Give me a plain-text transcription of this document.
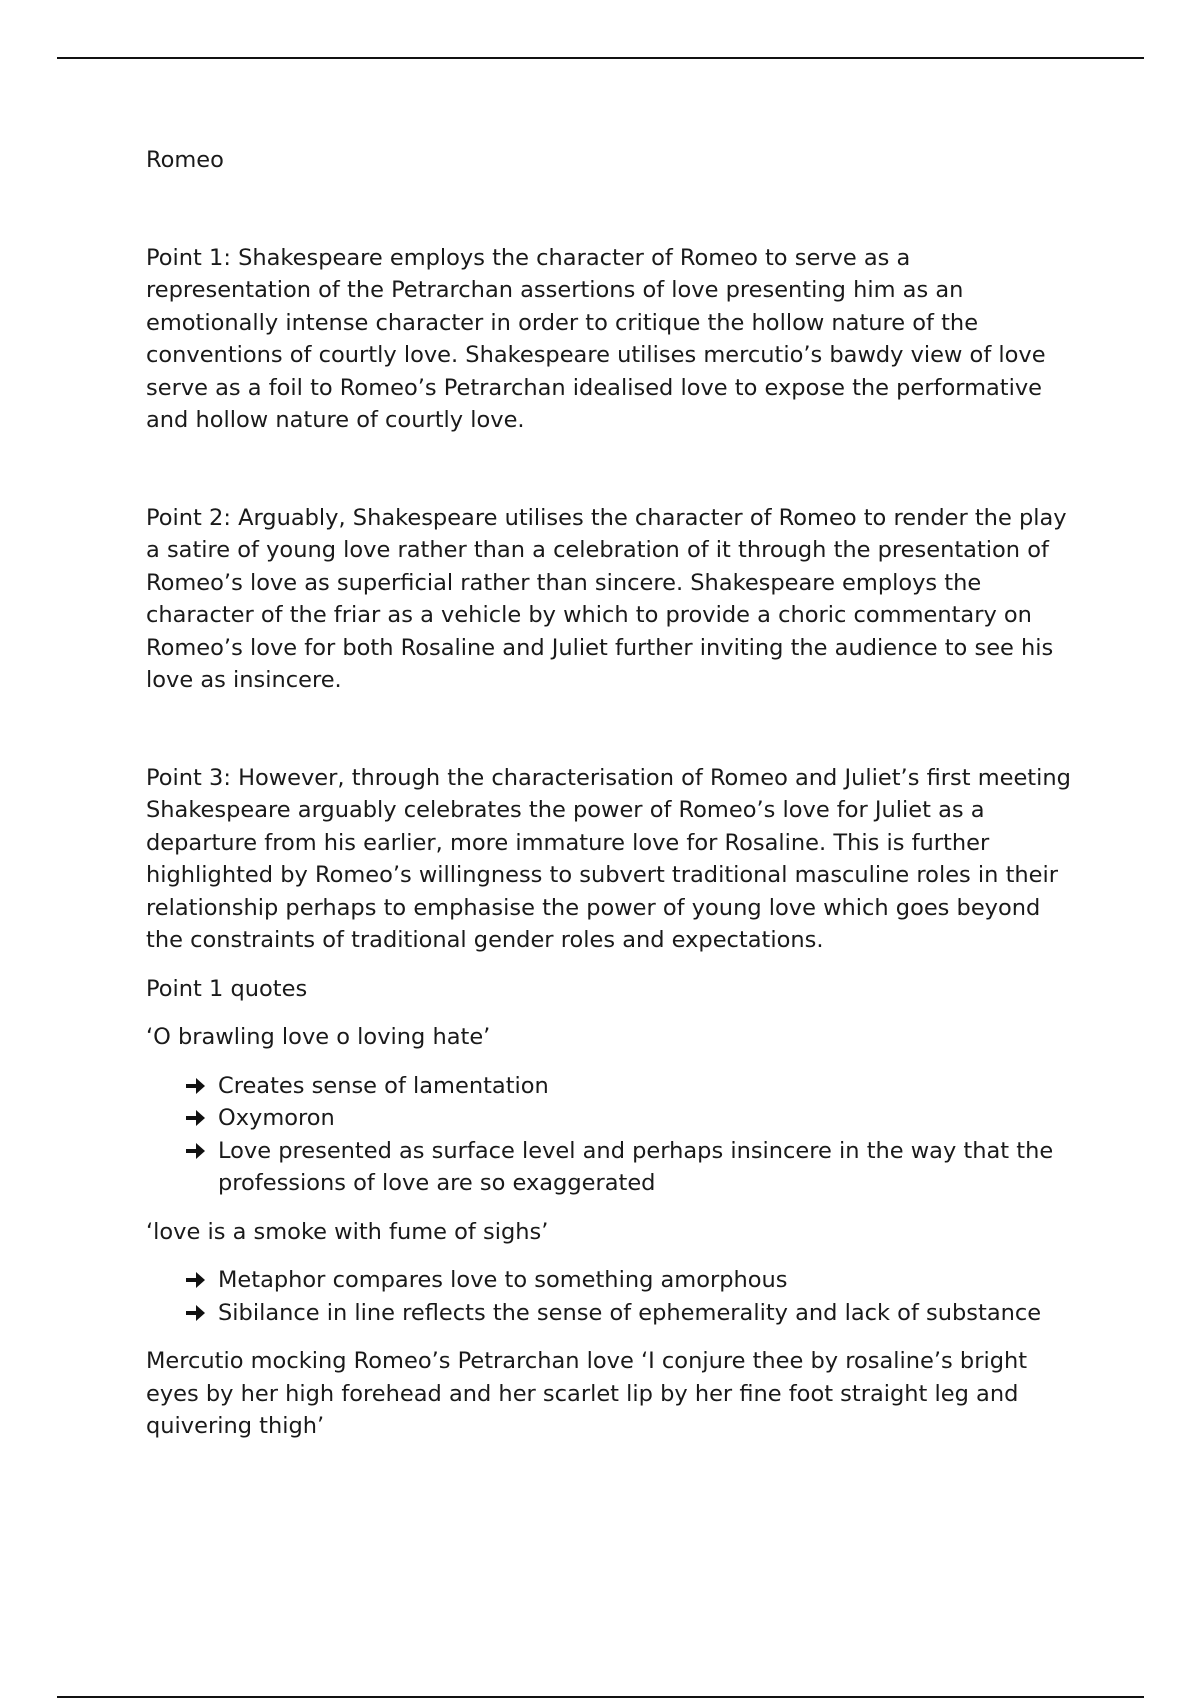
Romeo

Point 1: Shakespeare employs the character of Romeo to serve as a representation of the Petrarchan assertions of love presenting him as an emotionally intense character in order to critique the hollow nature of the conventions of courtly love. Shakespeare utilises mercutio’s bawdy view of love serve as a foil to Romeo’s Petrarchan idealised love to expose the performative and hollow nature of courtly love.

Point 2: Arguably, Shakespeare utilises the character of Romeo to render the play a satire of young love rather than a celebration of it through the presentation of Romeo’s love as superficial rather than sincere. Shakespeare employs the character of the friar as a vehicle by which to provide a choric commentary on Romeo’s love for both Rosaline and Juliet further inviting the audience to see his love as insincere.

Point 3: However, through the characterisation of Romeo and Juliet’s first meeting Shakespeare arguably celebrates the power of Romeo’s love for Juliet as a departure from his earlier, more immature love for Rosaline. This is further highlighted by Romeo’s willingness to subvert traditional masculine roles in their relationship perhaps to emphasise the power of young love which goes beyond the constraints of traditional gender roles and expectations.

Point 1 quotes

‘O brawling love o loving hate’

Creates sense of lamentation
Oxymoron
Love presented as surface level and perhaps insincere in the way that the professions of love are so exaggerated

‘love is a smoke with fume of sighs’

Metaphor compares love to something amorphous
Sibilance in line reflects the sense of ephemerality and lack of substance

Mercutio mocking Romeo’s Petrarchan love ‘I conjure thee by rosaline’s bright eyes by her high forehead and her scarlet lip by her fine foot straight leg and quivering thigh’
